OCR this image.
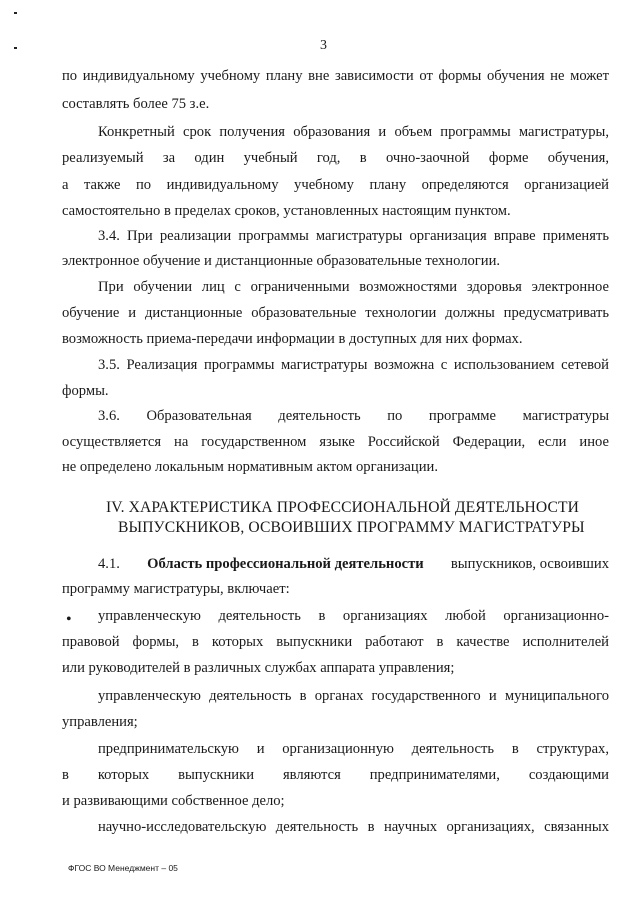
3
по индивидуальному учебному плану вне зависимости от формы обучения не может
составлять более 75 з.е.
Конкретный срок получения образования и объем программы магистратуры,
реализуемый за один учебный год, в очно-заочной форме обучения,
а также по индивидуальному учебному плану определяются организацией
самостоятельно в пределах сроков, установленных настоящим пунктом.
3.4. При реализации программы магистратуры организация вправе применять
электронное обучение и дистанционные образовательные технологии.
При обучении лиц с ограниченными возможностями здоровья электронное
обучение и дистанционные образовательные технологии должны предусматривать
возможность приема-передачи информации в доступных для них формах.
3.5. Реализация программы магистратуры возможна с использованием сетевой
формы.
3.6. Образовательная деятельность по программе магистратуры
осуществляется на государственном языке Российской Федерации, если иное
не определено локальным нормативным актом организации.
IV. ХАРАКТЕРИСТИКА ПРОФЕССИОНАЛЬНОЙ ДЕЯТЕЛЬНОСТИ
ВЫПУСКНИКОВ, ОСВОИВШИХ ПРОГРАММУ МАГИСТРАТУРЫ
4.1. Область профессиональной деятельности выпускников, освоивших
программу магистратуры, включает:
• управленческую деятельность в организациях любой организационно-
правовой формы, в которых выпускники работают в качестве исполнителей
или руководителей в различных службах аппарата управления;
управленческую деятельность в органах государственного и муниципального
управления;
предпринимательскую и организационную деятельность в структурах,
в которых выпускники являются предпринимателями, создающими
и развивающими собственное дело;
научно-исследовательскую деятельность в научных организациях, связанных
ФГОС ВО Менеджмент – 05
